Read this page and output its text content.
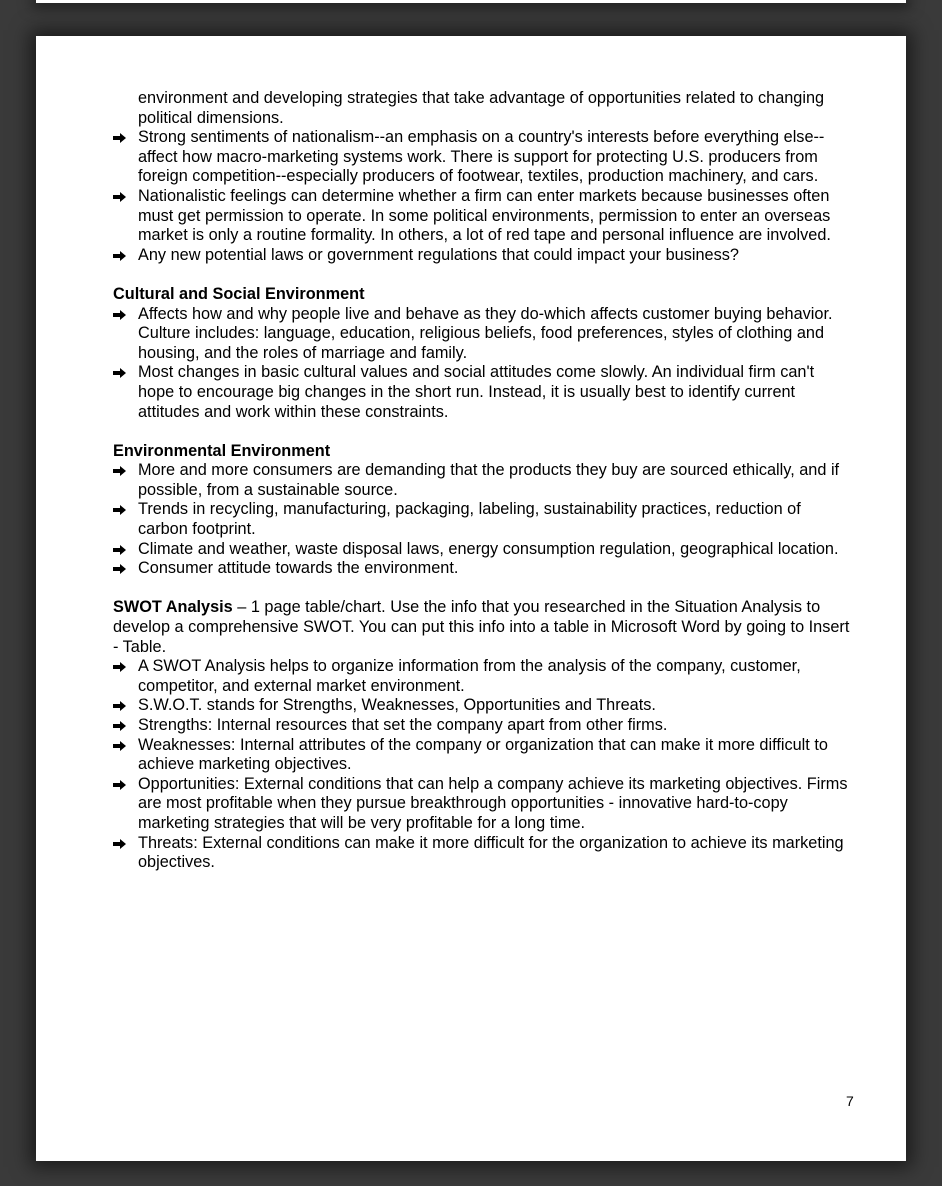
environment and developing strategies that take advantage of opportunities related to changing political dimensions.
Strong sentiments of nationalism--an emphasis on a country's interests before everything else--affect how macro-marketing systems work. There is support for protecting U.S. producers from foreign competition--especially producers of footwear, textiles, production machinery, and cars.
Nationalistic feelings can determine whether a firm can enter markets because businesses often must get permission to operate. In some political environments, permission to enter an overseas market is only a routine formality. In others, a lot of red tape and personal influence are involved.
Any new potential laws or government regulations that could impact your business?
Cultural and Social Environment
Affects how and why people live and behave as they do-which affects customer buying behavior. Culture includes: language, education, religious beliefs, food preferences, styles of clothing and housing, and the roles of marriage and family.
Most changes in basic cultural values and social attitudes come slowly. An individual firm can't hope to encourage big changes in the short run. Instead, it is usually best to identify current attitudes and work within these constraints.
Environmental Environment
More and more consumers are demanding that the products they buy are sourced ethically, and if possible, from a sustainable source.
Trends in recycling, manufacturing, packaging, labeling, sustainability practices, reduction of carbon footprint.
Climate and weather, waste disposal laws, energy consumption regulation, geographical location.
Consumer attitude towards the environment.
SWOT Analysis – 1 page table/chart. Use the info that you researched in the Situation Analysis to develop a comprehensive SWOT. You can put this info into a table in Microsoft Word by going to Insert - Table.
A SWOT Analysis helps to organize information from the analysis of the company, customer, competitor, and external market environment.
S.W.O.T. stands for Strengths, Weaknesses, Opportunities and Threats.
Strengths: Internal resources that set the company apart from other firms.
Weaknesses: Internal attributes of the company or organization that can make it more difficult to achieve marketing objectives.
Opportunities: External conditions that can help a company achieve its marketing objectives. Firms are most profitable when they pursue breakthrough opportunities - innovative hard-to-copy marketing strategies that will be very profitable for a long time.
Threats: External conditions can make it more difficult for the organization to achieve its marketing objectives.
7
